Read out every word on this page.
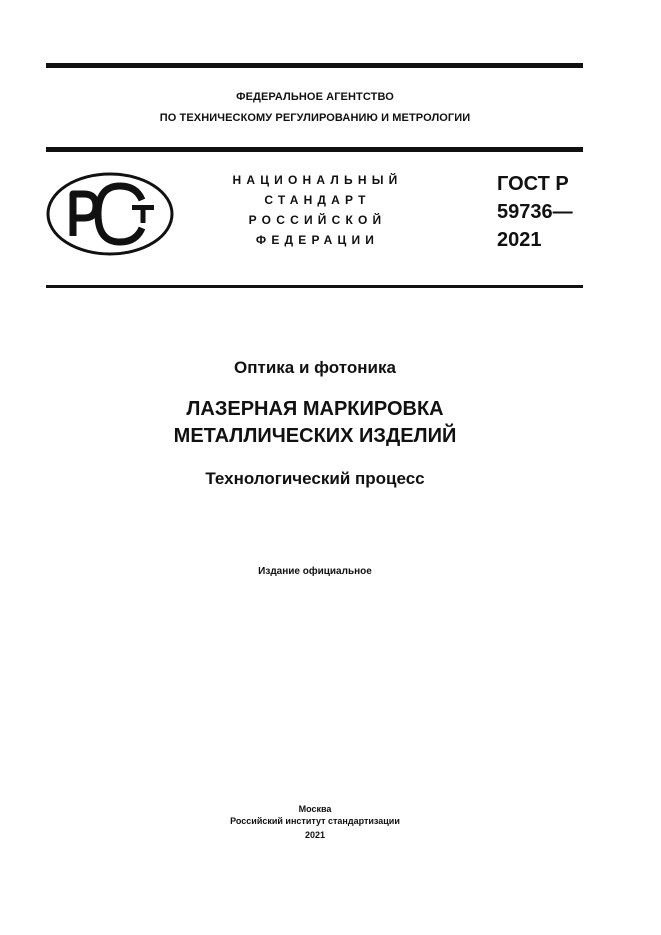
ФЕДЕРАЛЬНОЕ АГЕНТСТВО
ПО ТЕХНИЧЕСКОМУ РЕГУЛИРОВАНИЮ И МЕТРОЛОГИИ
НАЦИОНАЛЬНЫЙ
СТАНДАРТ
РОССИЙСКОЙ
ФЕДЕРАЦИИ
ГОСТ Р
59736—
2021
Оптика и фотоника
ЛАЗЕРНАЯ МАРКИРОВКА
МЕТАЛЛИЧЕСКИХ ИЗДЕЛИЙ
Технологический процесс
Издание официальное
Москва
Российский институт стандартизации
2021
